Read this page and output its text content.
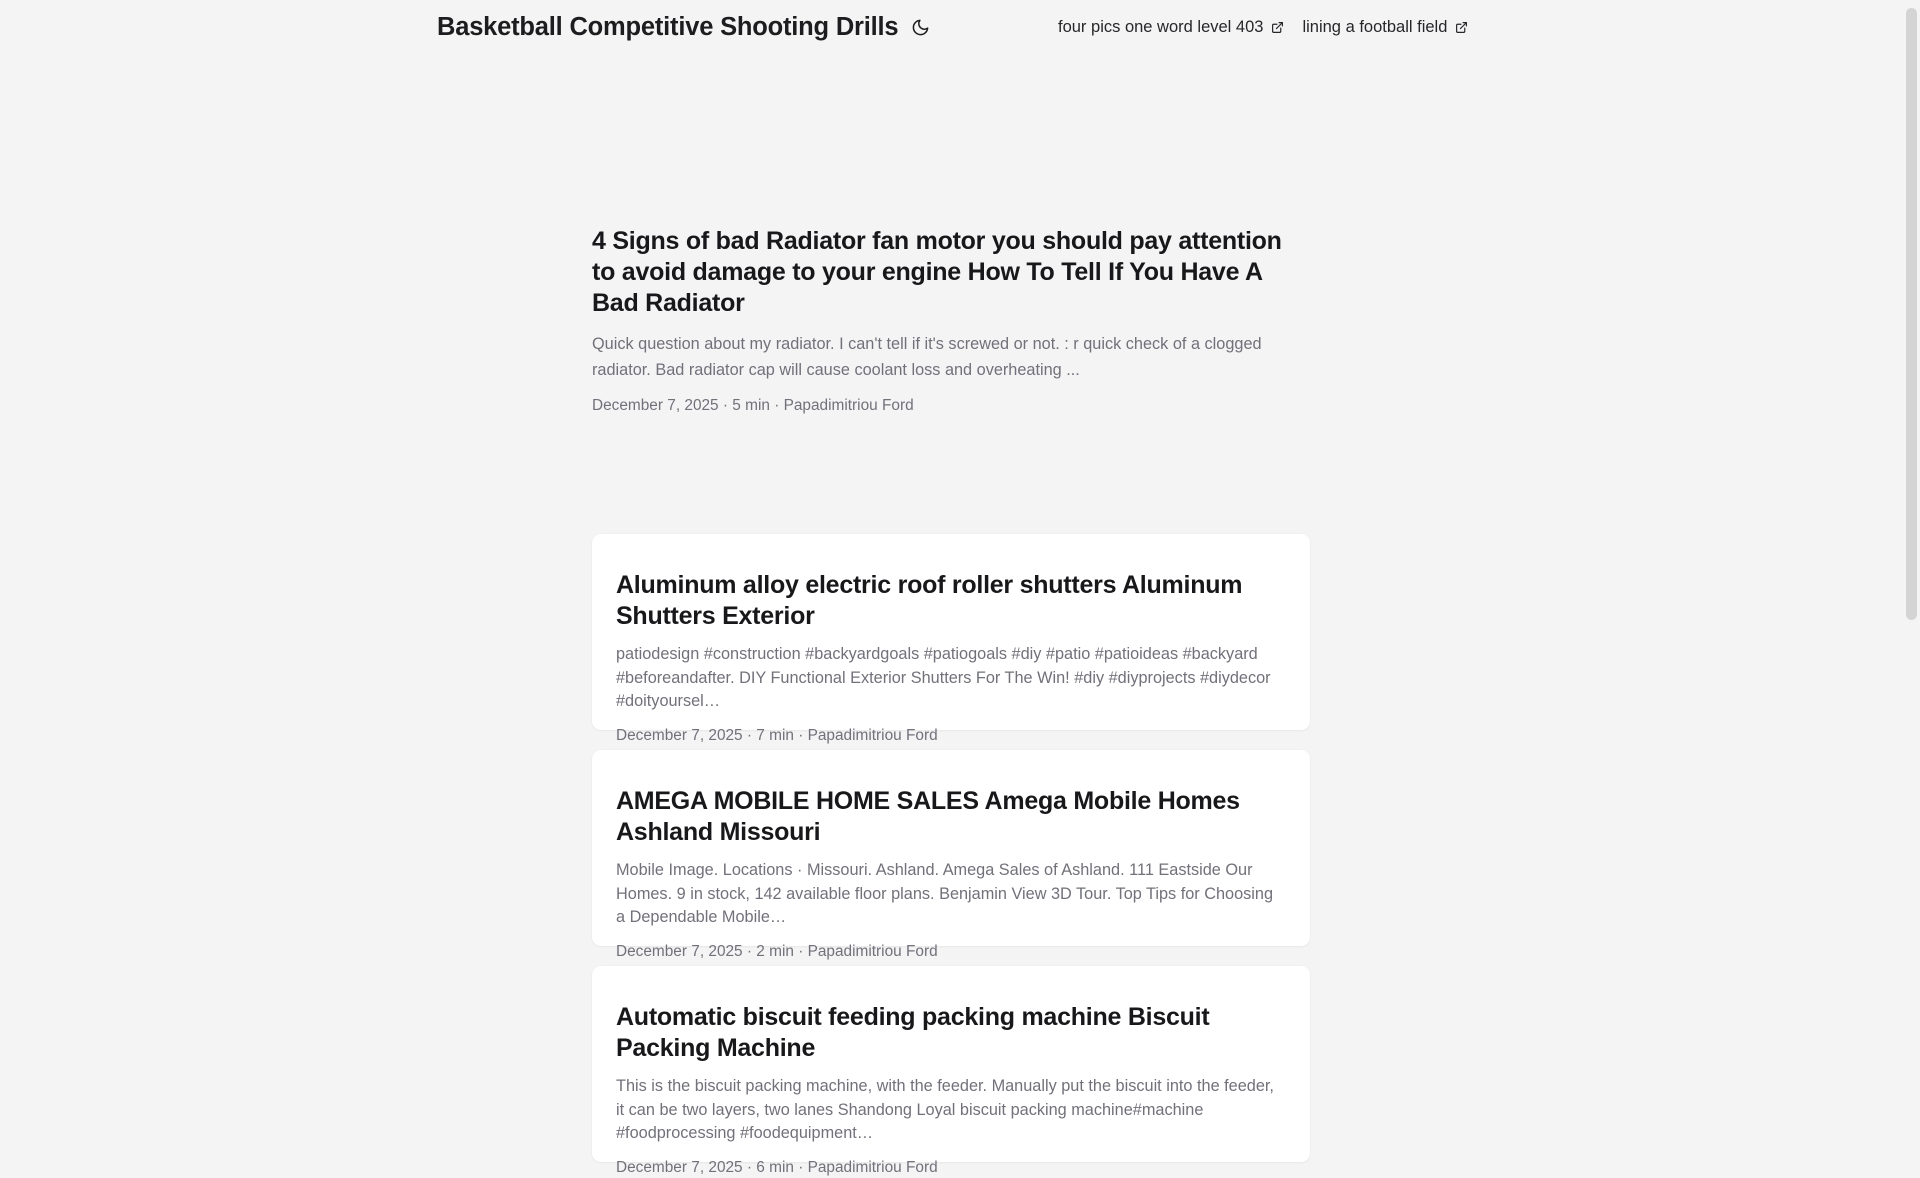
Basketball Competitive Shooting Drills	four pics one word level 403 lining a football field
4 Signs of bad Radiator fan motor you should pay attention to avoid damage to your engine How To Tell If You Have A Bad Radiator

Quick question about my radiator. I can't tell if it's screwed or not. : r quick check of a clogged radiator. Bad radiator cap will cause coolant loss and overheating ...

December 7, 2025 · 5 min · Papadimitriou Ford
Aluminum alloy electric roof roller shutters Aluminum Shutters Exterior

patiodesign #construction #backyardgoals #patiogoals #diy #patio #patioideas #backyard #beforeandafter. DIY Functional Exterior Shutters For The Win! #diy #diyprojects #diydecor #doityoursel…

December 7, 2025 · 7 min · Papadimitriou Ford
AMEGA MOBILE HOME SALES Amega Mobile Homes Ashland Missouri

Mobile Image. Locations · Missouri. Ashland. Amega Sales of Ashland. 111 Eastside Our Homes. 9 in stock, 142 available floor plans. Benjamin View 3D Tour. Top Tips for Choosing a Dependable Mobile…

December 7, 2025 · 2 min · Papadimitriou Ford
Automatic biscuit feeding packing machine Biscuit Packing Machine

This is the biscuit packing machine, with the feeder. Manually put the biscuit into the feeder, it can be two layers, two lanes Shandong Loyal biscuit packing machine#machine #foodprocessing #foodequipment…

December 7, 2025 · 6 min · Papadimitriou Ford
